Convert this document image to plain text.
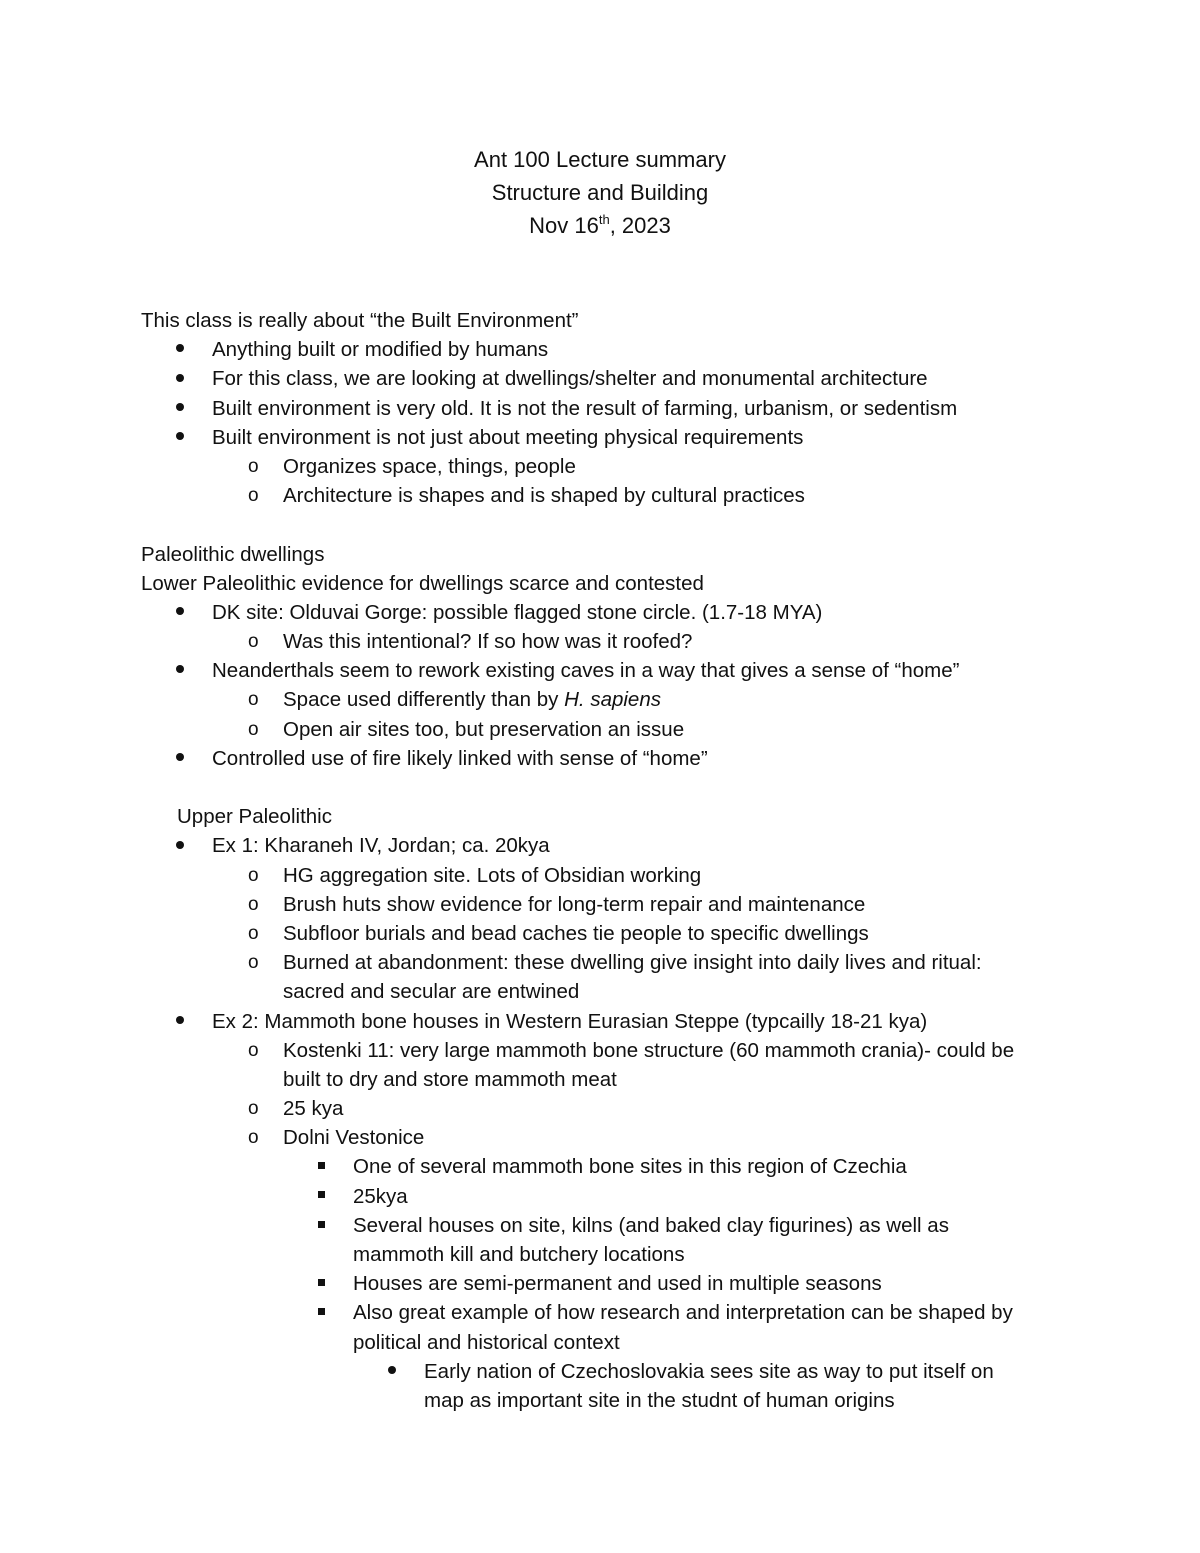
Ant 100 Lecture summary
Structure and Building
Nov 16th, 2023
This class is really about “the Built Environment”
Anything built or modified by humans
For this class, we are looking at dwellings/shelter and monumental architecture
Built environment is very old. It is not the result of farming, urbanism, or sedentism
Built environment is not just about meeting physical requirements
o Organizes space, things, people
o Architecture is shapes and is shaped by cultural practices
Paleolithic dwellings
Lower Paleolithic evidence for dwellings scarce and contested
DK site: Olduvai Gorge: possible flagged stone circle. (1.7-18 MYA)
o Was this intentional? If so how was it roofed?
Neanderthals seem to rework existing caves in a way that gives a sense of “home”
o Space used differently than by H. sapiens
o Open air sites too, but preservation an issue
Controlled use of fire likely linked with sense of “home”
Upper Paleolithic
Ex 1: Kharaneh IV, Jordan; ca. 20kya
o HG aggregation site. Lots of Obsidian working
o Brush huts show evidence for long-term repair and maintenance
o Subfloor burials and bead caches tie people to specific dwellings
o Burned at abandonment: these dwelling give insight into daily lives and ritual:
sacred and secular are entwined
Ex 2: Mammoth bone houses in Western Eurasian Steppe (typcailly 18-21 kya)
o Kostenki 11: very large mammoth bone structure (60 mammoth crania)- could be
built to dry and store mammoth meat
o 25 kya
o Dolni Vestonice
One of several mammoth bone sites in this region of Czechia
25kya
Several houses on site, kilns (and baked clay figurines) as well as
mammoth kill and butchery locations
Houses are semi-permanent and used in multiple seasons
Also great example of how research and interpretation can be shaped by
political and historical context
Early nation of Czechoslovakia sees site as way to put itself on
map as important site in the studnt of human origins
